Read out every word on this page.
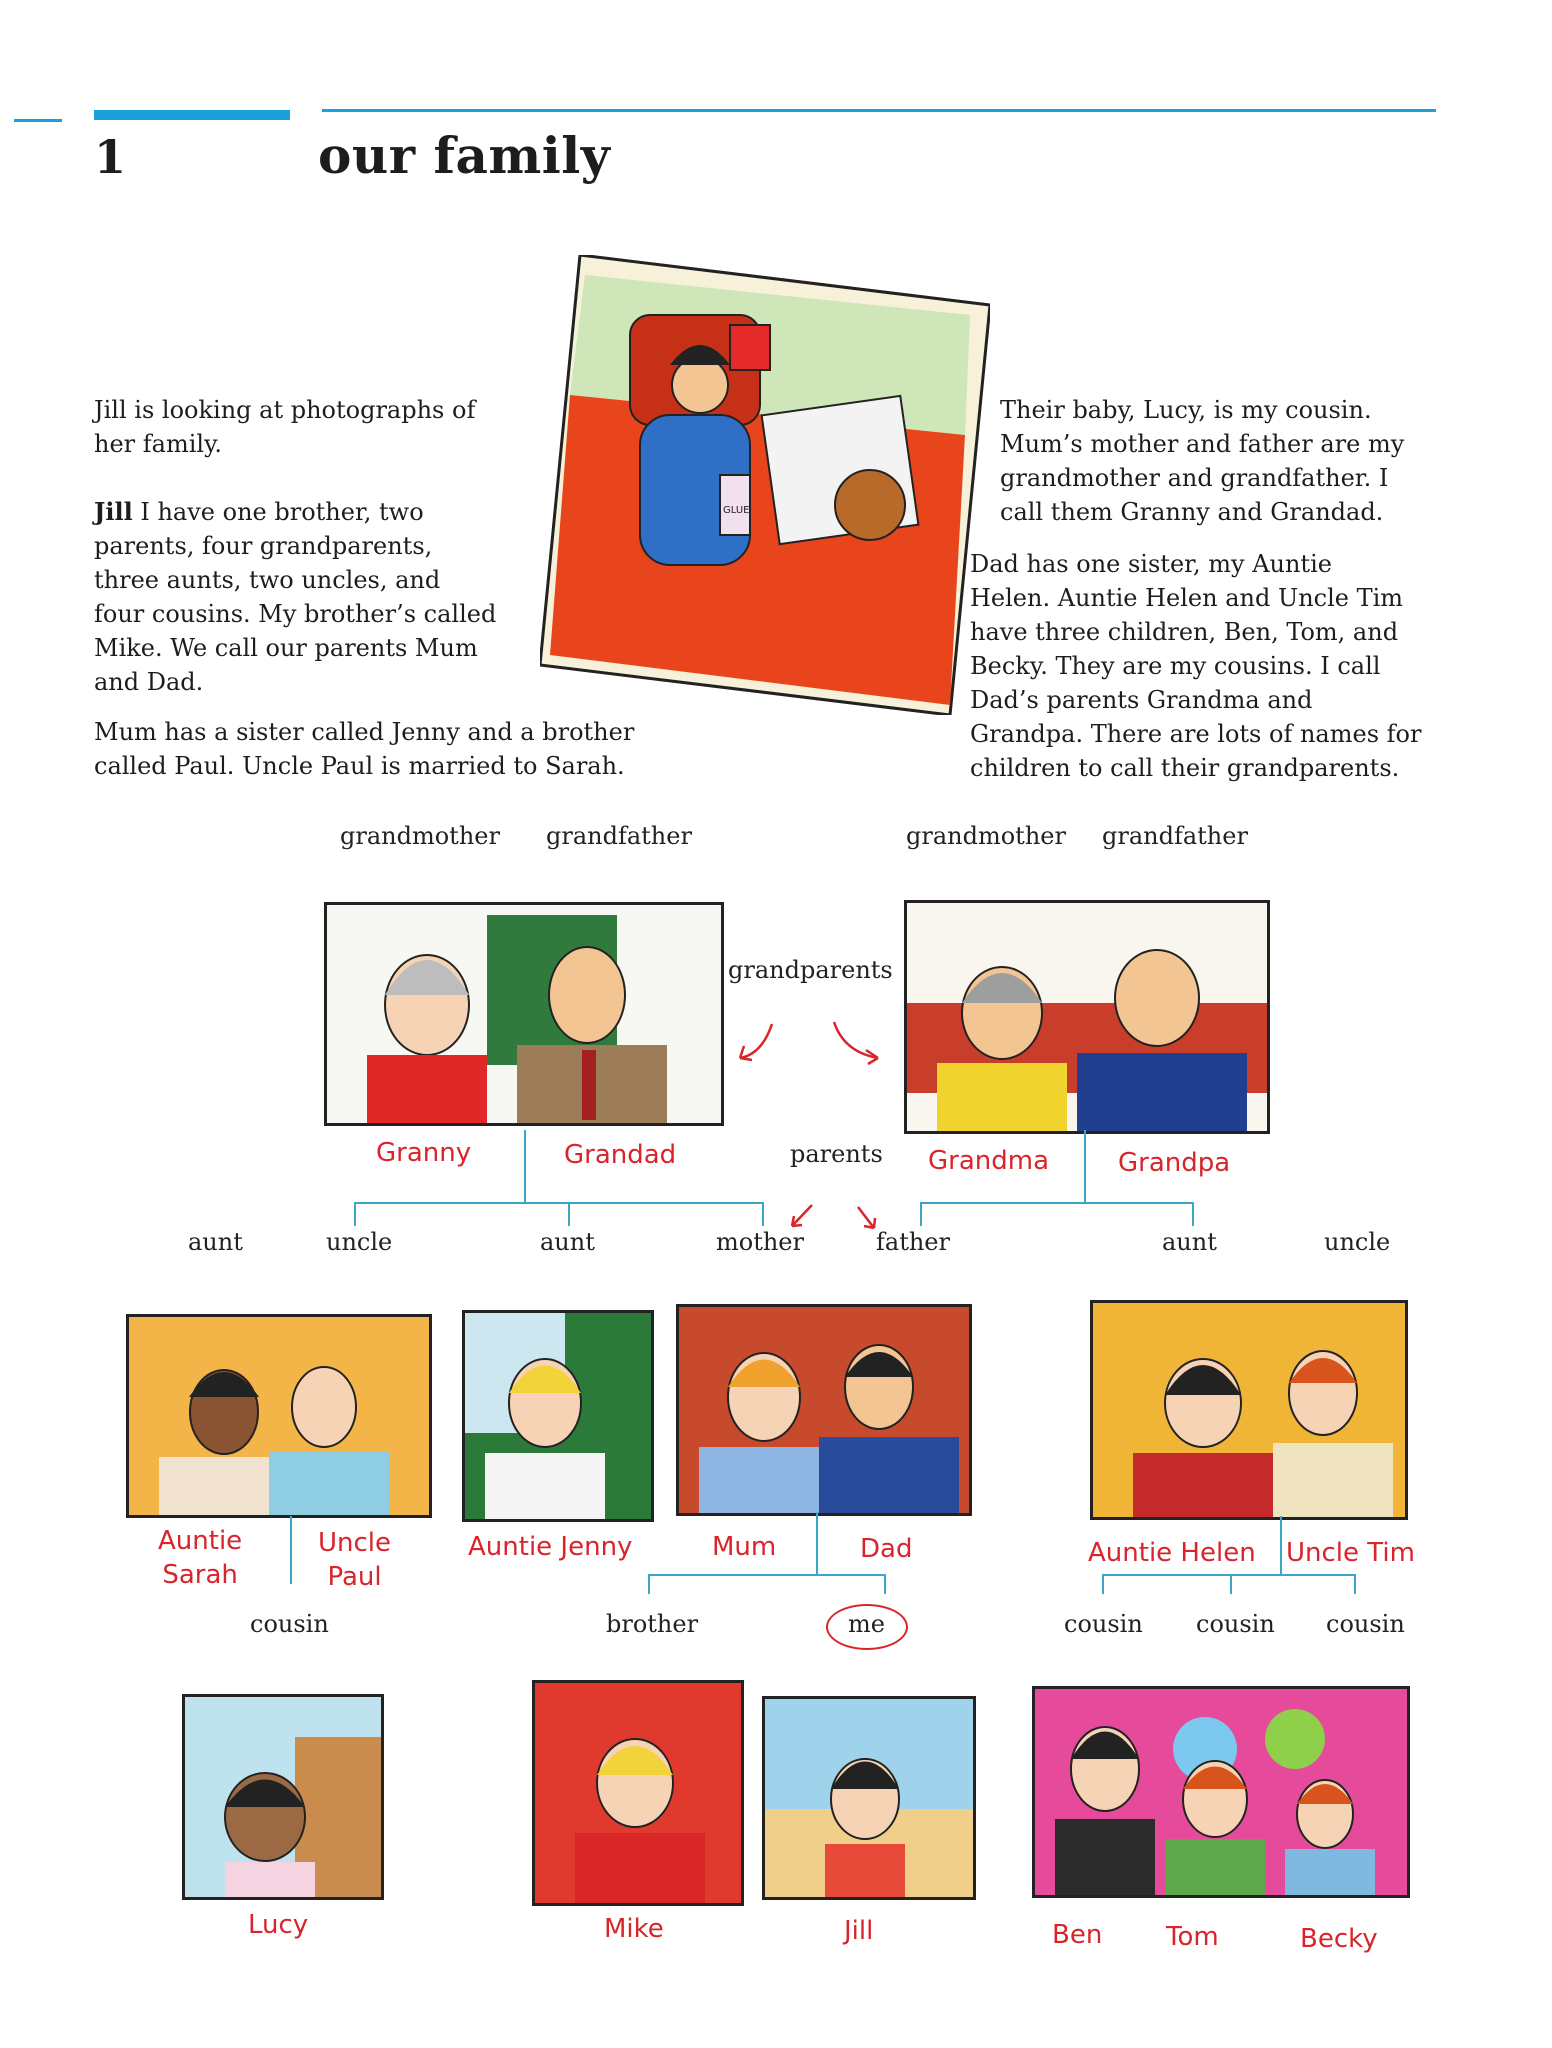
1	our family
Jill is looking at photographs of
her family.
Jill I have one brother, two
parents, four grandparents,
three aunts, two uncles, and
four cousins. My brother’s called
Mike. We call our parents Mum
and Dad.
Mum has a sister called Jenny and a brother
called Paul. Uncle Paul is married to Sarah.
Their baby, Lucy, is my cousin.
Mum’s mother and father are my
grandmother and grandfather. I
call them Granny and Grandad.
Dad has one sister, my Auntie
Helen. Auntie Helen and Uncle Tim
have three children, Ben, Tom, and
Becky. They are my cousins. I call
Dad’s parents Grandma and
Grandpa. There are lots of names for
children to call their grandparents.
GLUE
grandmother grandfather	grandmother grandfather
grandparents
Granny	Grandad	parents Grandma	Grandpa
aunt	uncle	aunt	mother	father	aunt	uncle
Auntie
Sarah
Uncle
Paul
Auntie Jenny	Mum	Dad	Auntie Helen Uncle Tim
cousin	brother	me	cousin cousin cousin
Lucy	Mike	Jill	Ben Tom	Becky
